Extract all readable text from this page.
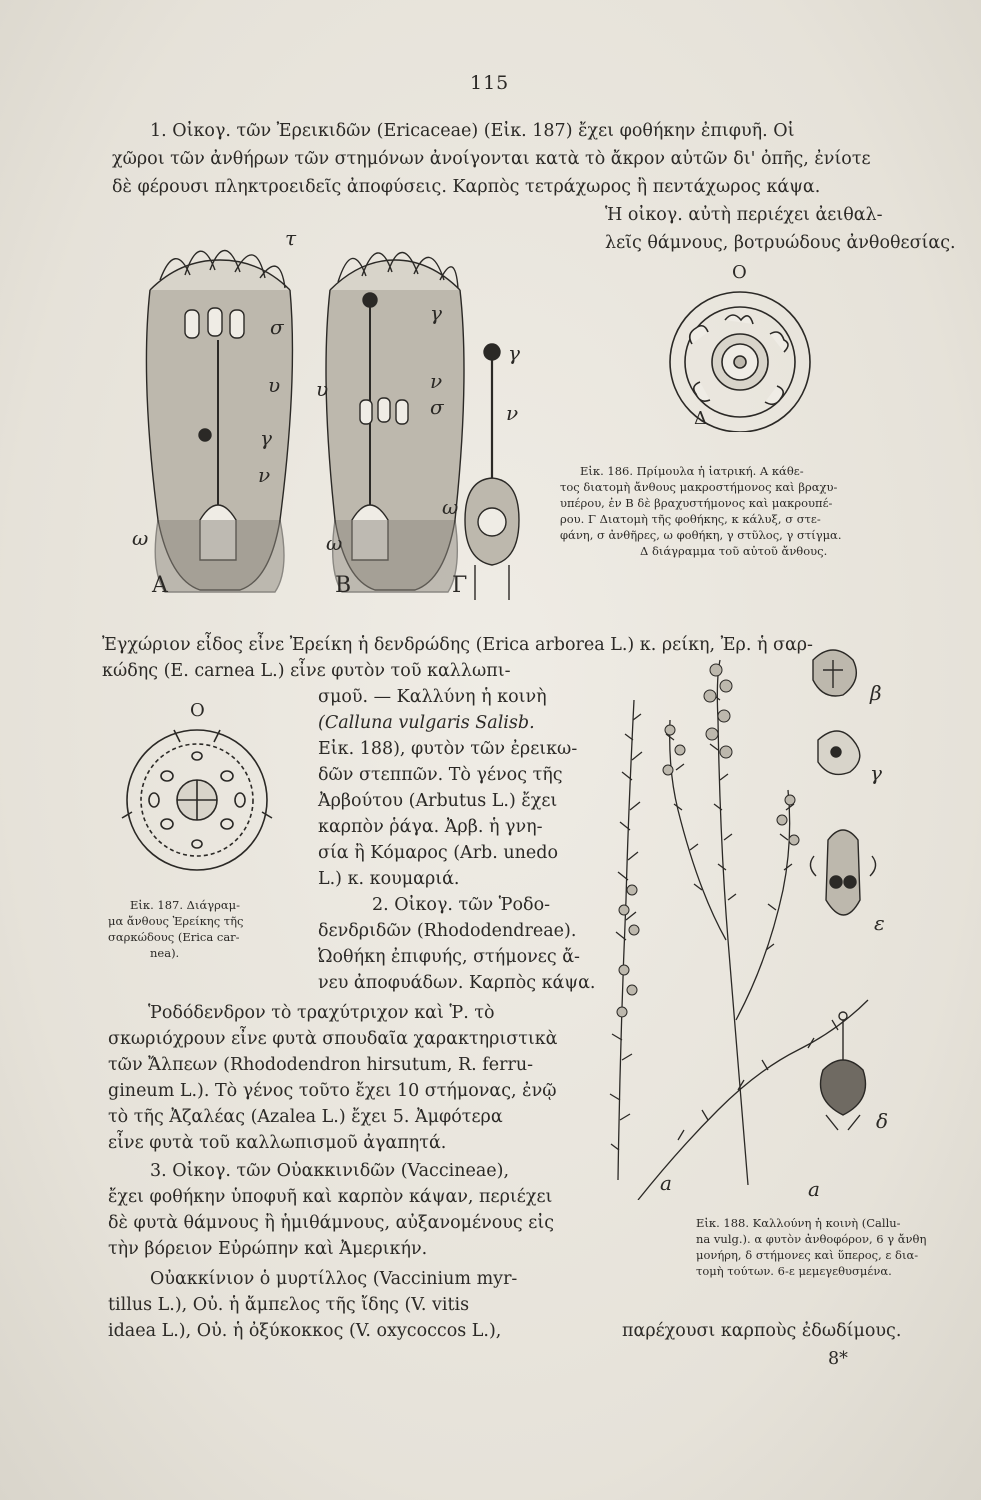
115
1. Οἰκογ. τῶν Ἐρεικιδῶν (Ericaceae) (Εἰκ. 187) ἔχει φοθήκην ἐπιφυῆ. Οἱ
χῶροι τῶν ἀνθήρων τῶν στημόνων ἀνοίγονται κατὰ τὸ ἄκρον αὐτῶν δι' ὀπῆς, ἐνίοτε
δὲ φέρουσι πληκτροειδεῖς ἀποφύσεις. Καρπὸς τετράχωρος ἢ πεντάχωρος κάψα.
Ἡ οἰκογ. αὐτὴ περιέχει ἀειθαλ-
λεῖς θάμνους, βοτρυώδους ἀνθοθεσίας.
τ
σ
υ
γ
ν
ω
υ
γ
ν
σ
ω
γ
ν
ω
A	B	Γ
O
Δ
Εἰκ. 186. Πρίμουλα ἡ ἰατρική. Α κάθε-
τος διατομὴ ἄνθους μακροστήμονος καὶ βραχυ-
υπέρου, ἐν Β δὲ βραχυστήμονος καὶ μακρουπέ-
ρου. Γ Διατομὴ τῆς φοθήκης, κ κάλυξ, σ στε-
φάνη, σ ἀνθῆρες, ω φοθήκη, γ στῦλος, γ στίγμα.
Δ διάγραμμα τοῦ αὐτοῦ ἄνθους.
Ἐγχώριον εἶδος εἶνε Ἐρείκη ἡ δενδρώδης (Erica arborea L.) κ. ρείκη, Ἐρ. ἡ σαρ-
κώδης (E. carnea L.) εἶνε φυτὸν τοῦ καλλωπι-
σμοῦ. — Καλλύνη ἡ κοινὴ
(Calluna vulgaris Salisb.
Εἰκ. 188), φυτὸν τῶν ἐρεικω-
δῶν στεππῶν. Τὸ γένος τῆς
Ἀρβούτου (Arbutus L.) ἔχει
καρπὸν ῥάγα. Ἀρβ. ἡ γνη-
σία ἢ Κόμαρος (Arb. unedo
L.) κ. κουμαριά.
2. Οἰκογ. τῶν Ῥοδο-
δενδριδῶν (Rhododendreae).
Ὠοθήκη ἐπιφυής, στήμονες ἄ-
νευ ἀποφυάδων. Καρπὸς κάψα.
Ῥοδόδενδρον τὸ τραχύτριχον καὶ Ῥ. τὸ
σκωριόχρουν εἶνε φυτὰ σπουδαῖα χαρακτηριστικὰ
τῶν Ἄλπεων (Rhododendron hirsutum, R. ferru-
gineum L.). Τὸ γένος τοῦτο ἔχει 10 στήμονας, ἐνῷ
τὸ τῆς Ἀζαλέας (Azalea L.) ἔχει 5. Ἀμφότερα
εἶνε φυτὰ τοῦ καλλωπισμοῦ ἀγαπητά.
3. Οἰκογ. τῶν Οὐακκινιδῶν (Vaccineae),
ἔχει φοθήκην ὑποφυῆ καὶ καρπὸν κάψαν, περιέχει
δὲ φυτὰ θάμνους ἢ ἡμιθάμνους, αὐξανομένους εἰς
τὴν βόρειον Εὐρώπην καὶ Ἀμερικήν.
Οὐακκίνιον ὁ μυρτίλλος (Vaccinium myr-
tillus L.), Οὐ. ἡ ἄμπελος τῆς ἴδης (V. vitis
idaea L.), Οὐ. ἡ ὀξύκοκκος (V. oxycoccos L.),	παρέχουσι καρποὺς ἐδωδίμους.
O
Εἰκ. 187. Διάγραμ-
μα ἄνθους Ἐρείκης τῆς
σαρκώδους (Erica car-
nea).
β
γ
ε
δ
a	a
Εἰκ. 188. Καλλούνη ἡ κοινὴ (Callu-
na vulg.). α φυτὸν ἀνθοφόρον, 6 γ ἄνθη
μονήρη, δ στήμονες καὶ ὕπερος, ε δια-
τομὴ τούτων. 6-ε μεμεγεθυσμένα.
8*
